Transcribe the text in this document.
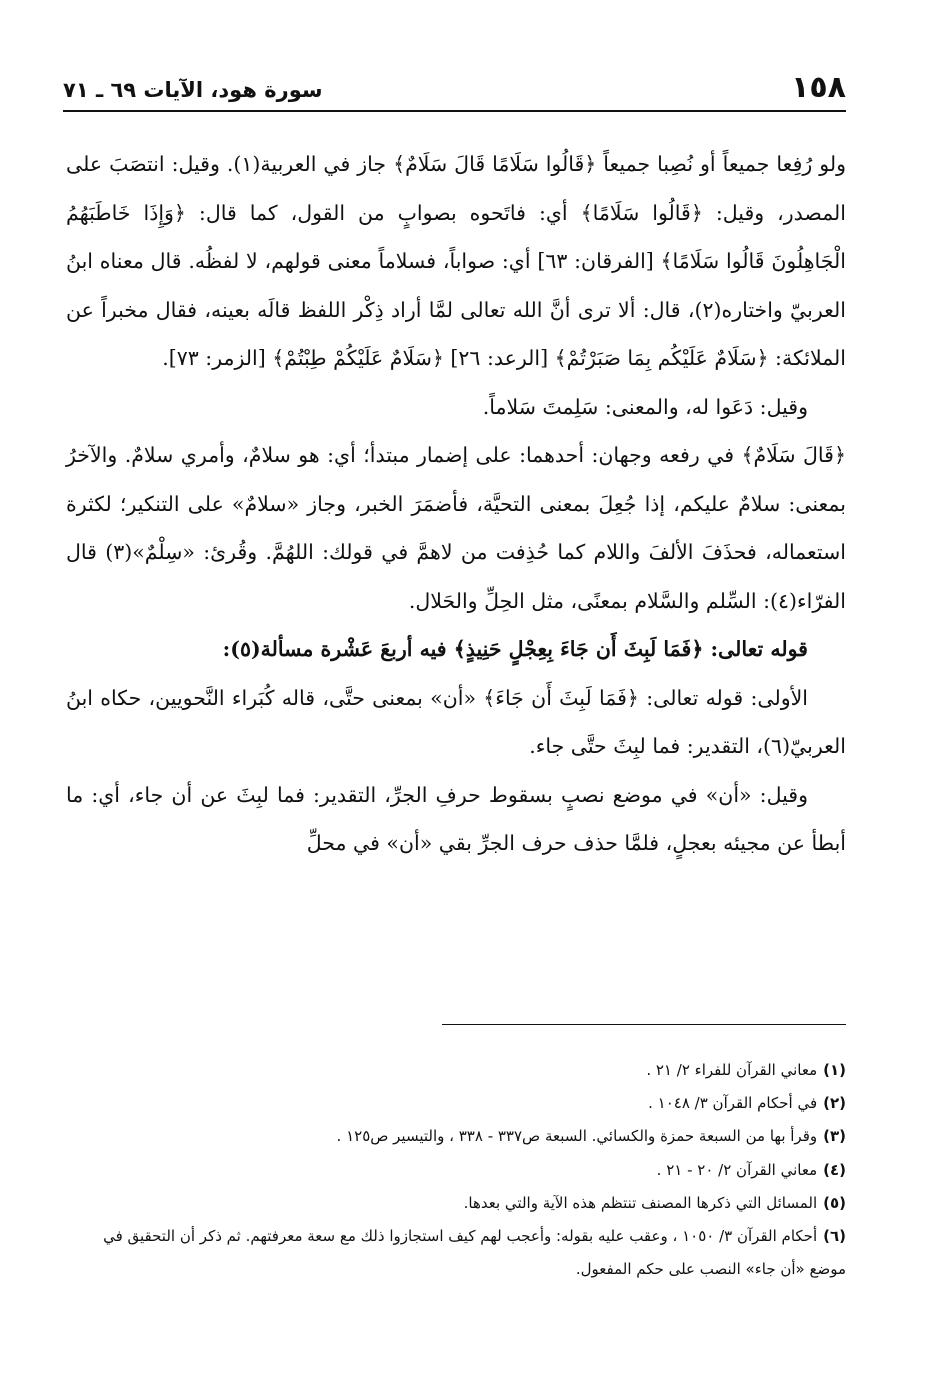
١٥٨
سورة هود، الآيات ٦٩ ـ ٧١

ولو رُفِعا جميعاً أو نُصِبا جميعاً ﴿قَالُوا سَلَامًا قَالَ سَلَامٌ﴾ جاز في العربية(١). وقيل: انتصَبَ على المصدر، وقيل: ﴿قَالُوا سَلَامًا﴾ أي: فاتَحوه بصوابٍ من القول، كما قال: ﴿وَإِذَا خَاطَبَهُمُ الْجَاهِلُونَ قَالُوا سَلَامًا﴾ [الفرقان: ٦٣] أي: صواباً، فسلاماً معنى قولهم، لا لفظُه. قال معناه ابنُ العربيّ واختاره(٢)، قال: ألا ترى أنَّ الله تعالى لمَّا أراد ذِكْر اللفظ قالَه بعينه، فقال مخبراً عن الملائكة: ﴿سَلَامٌ عَلَيْكُم بِمَا صَبَرْتُمْ﴾ [الرعد: ٢٦] ﴿سَلَامٌ عَلَيْكُمْ طِبْتُمْ﴾ [الزمر: ٧٣].

وقيل: دَعَوا له، والمعنى: سَلِمتَ سَلاماً.

﴿قَالَ سَلَامٌ﴾ في رفعه وجهان: أحدهما: على إضمار مبتدأ؛ أي: هو سلامٌ، وأمري سلامٌ. والآخرُ بمعنى: سلامٌ عليكم، إذا جُعِلَ بمعنى التحيَّة، فأضمَرَ الخبر، وجاز «سلامٌ» على التنكير؛ لكثرة استعماله، فحذَفَ الألفَ واللام كما حُذِفت من لاهمَّ في قولك: اللهُمَّ. وقُرئ: «سِلْمٌ»(٣) قال الفرّاء(٤): السِّلم والسَّلام بمعنًى، مثل الحِلِّ والحَلال.

قوله تعالى: ﴿فَمَا لَبِثَ أَن جَاءَ بِعِجْلٍ حَنِيذٍ﴾ فيه أربعَ عَشْرة مسألة(٥):

الأولى: قوله تعالى: ﴿فَمَا لَبِثَ أَن جَاءَ﴾ «أن» بمعنى حتَّى، قاله كُبَراء النَّحويين، حكاه ابنُ العربيّ(٦)، التقدير: فما لبِثَ حتَّى جاء.

وقيل: «أن» في موضع نصبٍ بسقوط حرفِ الجرِّ، التقدير: فما لبِثَ عن أن جاء، أي: ما أبطأ عن مجيئه بعجلٍ، فلمَّا حذف حرف الجرِّ بقي «أن» في محلِّ

(١)معاني القرآن للفراء ٢/ ٢١ .

(٢)في أحكام القرآن ٣/ ١٠٤٨ .

(٣)وقرأ بها من السبعة حمزة والكسائي. السبعة ص٣٣٧ - ٣٣٨ ، والتيسير ص١٢٥ .

(٤)معاني القرآن ٢/ ٢٠ - ٢١ .

(٥)المسائل التي ذكرها المصنف تنتظم هذه الآية والتي بعدها.

(٦)أحكام القرآن ٣/ ١٠٥٠ ، وعقب عليه بقوله: وأعجب لهم كيف استجازوا ذلك مع سعة معرفتهم. ثم ذكر أن التحقيق في موضع «أن جاء» النصب على حكم المفعول.
